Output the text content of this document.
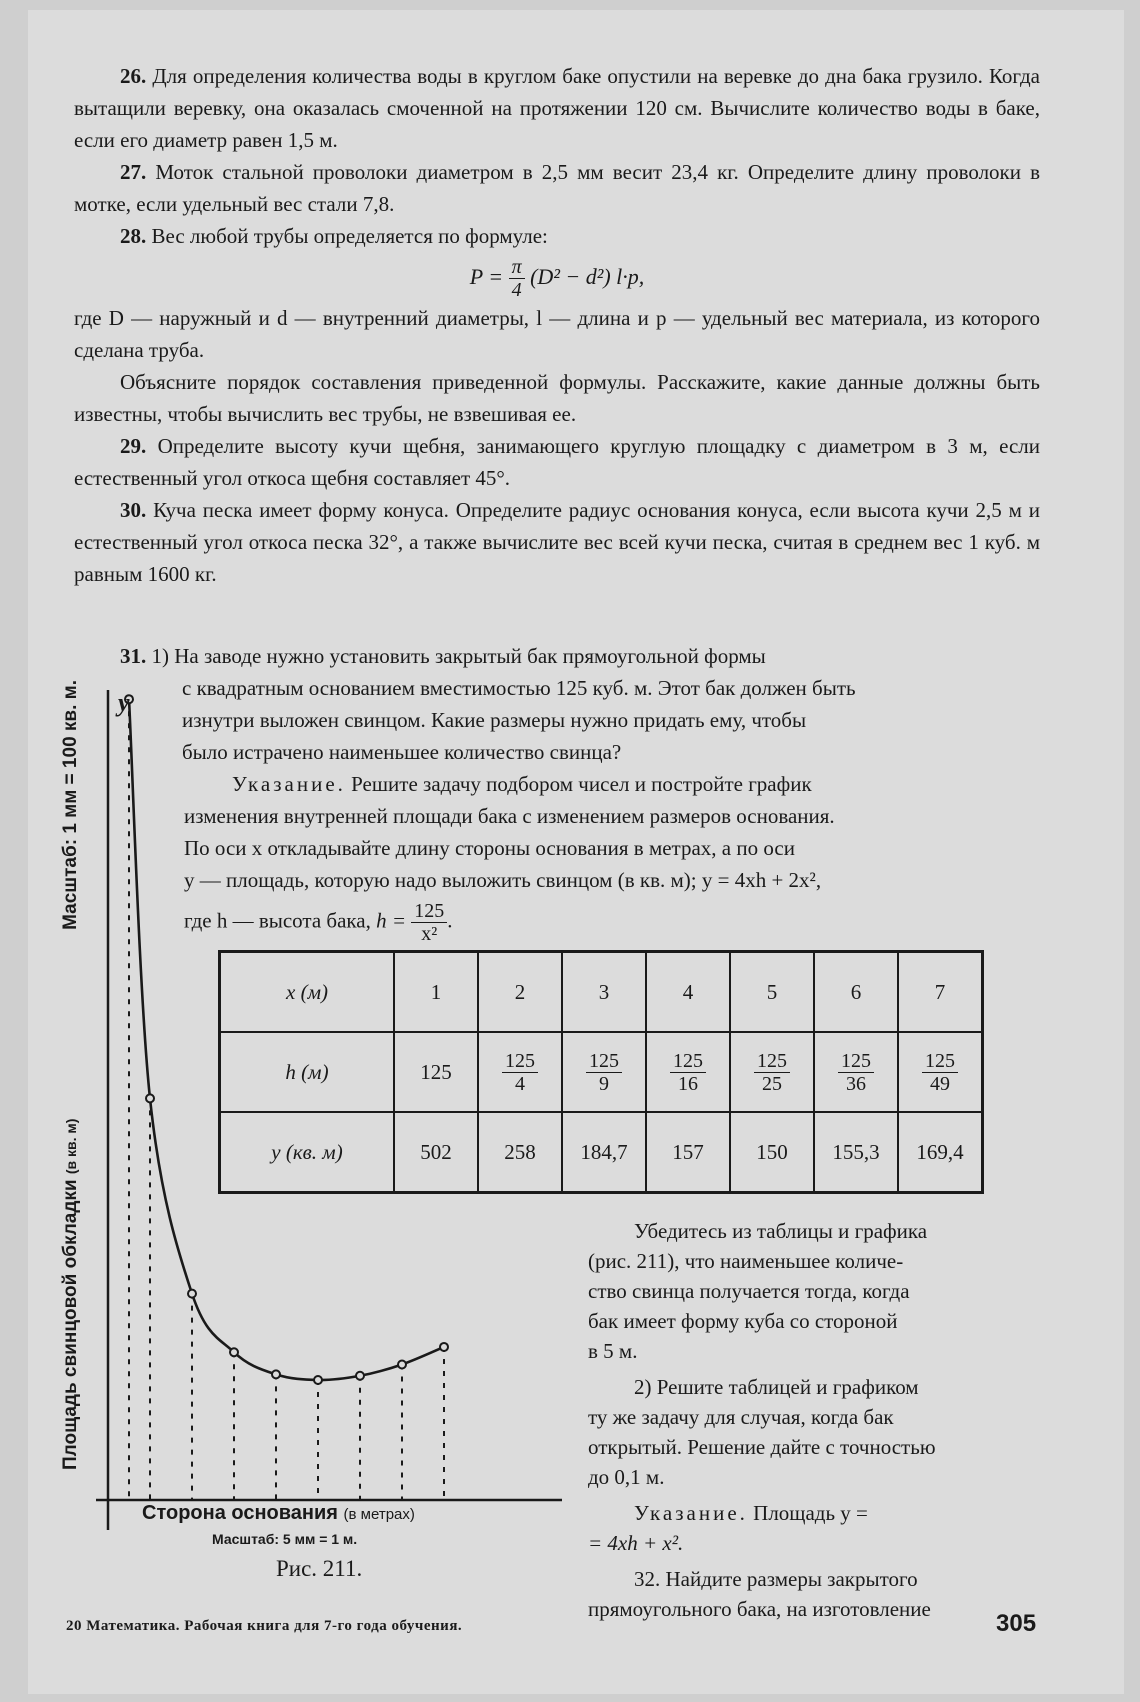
26. Для определения количества воды в круглом баке опустили на веревке до дна бака грузило. Когда вытащили веревку, она оказалась смоченной на протяжении 120 см. Вычислите количество воды в баке, если его диаметр равен 1,5 м.

27. Моток стальной проволоки диаметром в 2,5 мм весит 23,4 кг. Определите длину проволоки в мотке, если удельный вес стали 7,8.

28. Вес любой трубы определяется по формуле:

$P = \frac{\pi}{4} (D^2 - d^2)$ l·p,

где D — наружный и d — внутренний диаметры, l — длина и p — удельный вес материала, из которого сделана труба.

Объясните порядок составления приведенной формулы. Расскажите, какие данные должны быть известны, чтобы вычислить вес трубы, не взвешивая ее.

29. Определите высоту кучи щебня, занимающего круглую площадку с диаметром в 3 м, если естественный угол откоса щебня составляет 45°.

30. Куча песка имеет форму конуса. Определите радиус основания конуса, если высота кучи 2,5 м и естественный угол откоса песка 32°, а также вычислите вес всей кучи песка, считая в среднем вес 1 куб. м равным 1600 кг.

31. 1) На заводе нужно установить закрытый бак прямоугольной формы

с квадратным основанием вместимостью 125 куб. м. Этот бак должен быть

изнутри выложен свинцом. Какие размеры нужно придать ему, чтобы

было истрачено наименьшее количество свинца?

Указание. Решите задачу подбором чисел и постройте график

изменения внутренней площади бака с изменением размеров основания.

По оси x откладывайте длину стороны основания в метрах, а по оси

y — площадь, которую надо выложить свинцом (в кв. м); y = 4xh + 2x²,

где h — высота бака, $h = \frac{125}{\text{x²}}$ .

x (м)	1	2	3	4	5	6	7
h (м)	125	$\frac{125}{4}$	$\frac{125}{9}$	$\frac{125}{16}$	$\frac{125}{25}$	$\frac{125}{36}$	$\frac{125}{49}$

y (кв. м)	502	258	184,7	157	150	155,3	169,4

Убедитесь из таблицы и графика

(рис. 211), что наименьшее количе-

ство свинца получается тогда, когда

бак имеет форму куба со стороной

в 5 м.

2) Решите таблицей и графиком

ту же задачу для случая, когда бак

открытый. Решение дайте с точностью

до 0,1 м.

Указание. Площадь y =

= 4xh + x².

32. Найдите размеры закрытого

прямоугольного бака, на изготовление

y
Площадь свинцовой обкладки (в кв. м)
Масштаб: 1 мм = 100 кв. м.
Сторона основания (в метрах)
Масштаб: 5 мм = 1 м.
Рис. 211.
20 Математика. Рабочая книга для 7-го года обучения.	305
